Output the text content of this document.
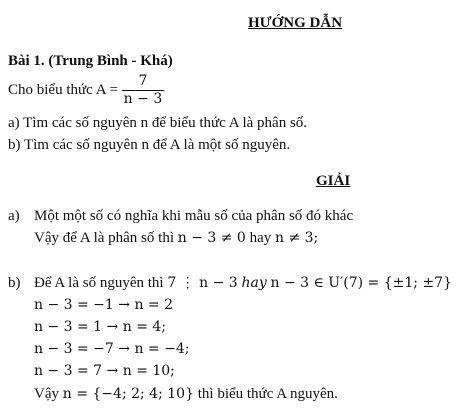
HƯỚNG DẪN
Bài 1. (Trung Bình - Khá)
Cho biểu thức $A = \frac{7}{n - 3}$
a) Tìm các số nguyên n để biểu thức A là phân số.
b) Tìm các số nguyên n để A là một số nguyên.
GIẢI
a) Một một số có nghĩa khi mẫu số của phân số đó khác
Vậy để A là phân số thì n − 3 ≠ 0 hay n ≠ 3;
b) Để A là số nguyên thì 7 ⋮ n − 3 hay n − 3 ∈ U′(7) = {±1; ±7}
n − 3 = −1 → n = 2
n − 3 = 1 → n = 4;
n − 3 = −7 → n = −4;
n − 3 = 7 → n = 10;
Vậy n = {−4; 2; 4; 10} thì biểu thức A nguyên.
